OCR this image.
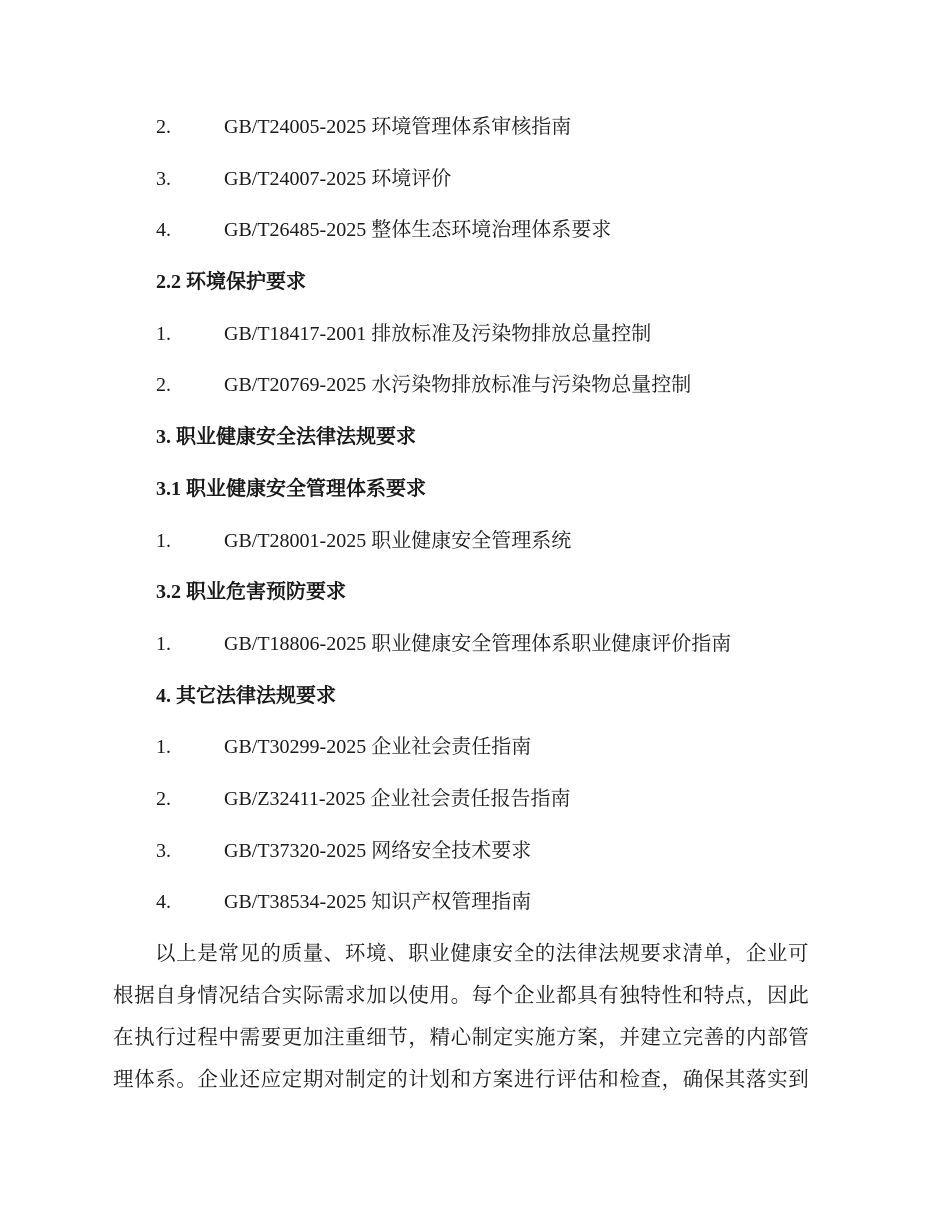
2.	GB/T24005-2025 环境管理体系审核指南
3.	GB/T24007-2025 环境评价
4.	GB/T26485-2025 整体生态环境治理体系要求
2.2 环境保护要求
1.	GB/T18417-2001 排放标准及污染物排放总量控制
2.	GB/T20769-2025 水污染物排放标准与污染物总量控制
3. 职业健康安全法律法规要求
3.1 职业健康安全管理体系要求
1.	GB/T28001-2025 职业健康安全管理系统
3.2 职业危害预防要求
1.	GB/T18806-2025 职业健康安全管理体系职业健康评价指南
4. 其它法律法规要求
1.	GB/T30299-2025 企业社会责任指南
2.	GB/Z32411-2025 企业社会责任报告指南
3.	GB/T37320-2025 网络安全技术要求
4.	GB/T38534-2025 知识产权管理指南
以上是常见的质量、环境、职业健康安全的法律法规要求清单，企业可
根据自身情况结合实际需求加以使用。每个企业都具有独特性和特点，因此
在执行过程中需要更加注重细节，精心制定实施方案，并建立完善的内部管
理体系。企业还应定期对制定的计划和方案进行评估和检查，确保其落实到
